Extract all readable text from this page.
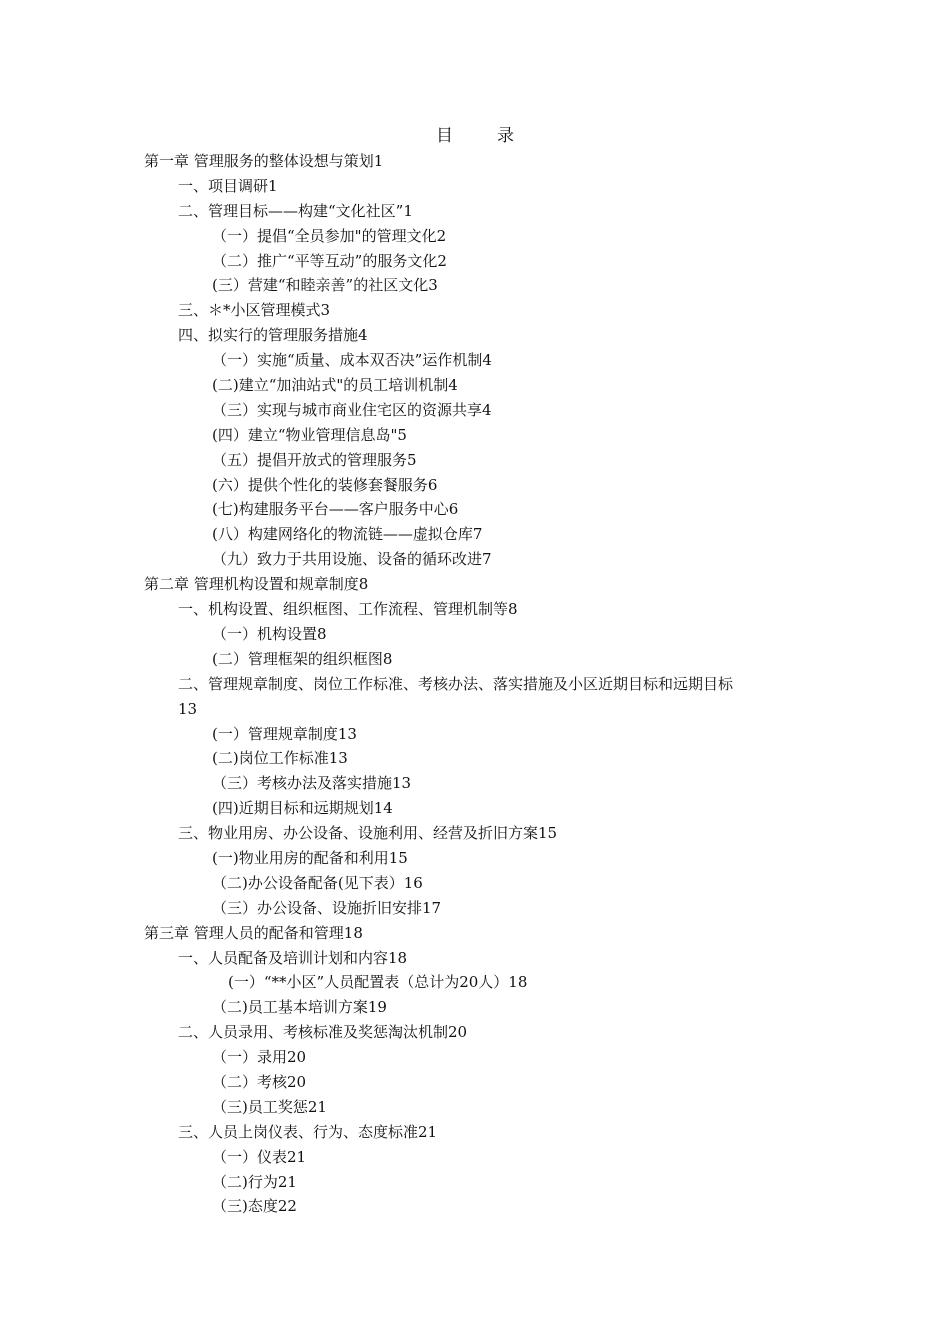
目	录
第一章 管理服务的整体设想与策划1
一、项目调研1
二、管理目标——构建“文化社区”1
（一）提倡“全员参加"的管理文化2
（二）推广“平等互动”的服务文化2
(三）营建“和睦亲善”的社区文化3
三、＊*小区管理模式3
四、拟实行的管理服务措施4
（一）实施“质量、成本双否决”运作机制4
(二)建立“加油站式"的员工培训机制4
（三）实现与城市商业住宅区的资源共享4
(四）建立“物业管理信息岛"5
（五）提倡开放式的管理服务5
(六）提供个性化的装修套餐服务6
(七)构建服务平台——客户服务中心6
(八）构建网络化的物流链——虚拟仓库7
（九）致力于共用设施、设备的循环改进7
第二章 管理机构设置和规章制度8
一、机构设置、组织框图、工作流程、管理机制等8
（一）机构设置8
(二）管理框架的组织框图8
二、管理规章制度、岗位工作标准、考核办法、落实措施及小区近期目标和远期目标
13
(一）管理规章制度13
(二)岗位工作标准13
（三）考核办法及落实措施13
(四)近期目标和远期规划14
三、物业用房、办公设备、设施利用、经营及折旧方案15
(一)物业用房的配备和利用15
（二)办公设备配备(见下表）16
（三）办公设备、设施折旧安排17
第三章 管理人员的配备和管理18
一、人员配备及培训计划和内容18
(一）“**小区”人员配置表（总计为20人）18
（二)员工基本培训方案19
二、人员录用、考核标准及奖惩淘汰机制20
（一）录用20
（二）考核20
（三)员工奖惩21
三、人员上岗仪表、行为、态度标准21
（一）仪表21
（二)行为21
（三)态度22
